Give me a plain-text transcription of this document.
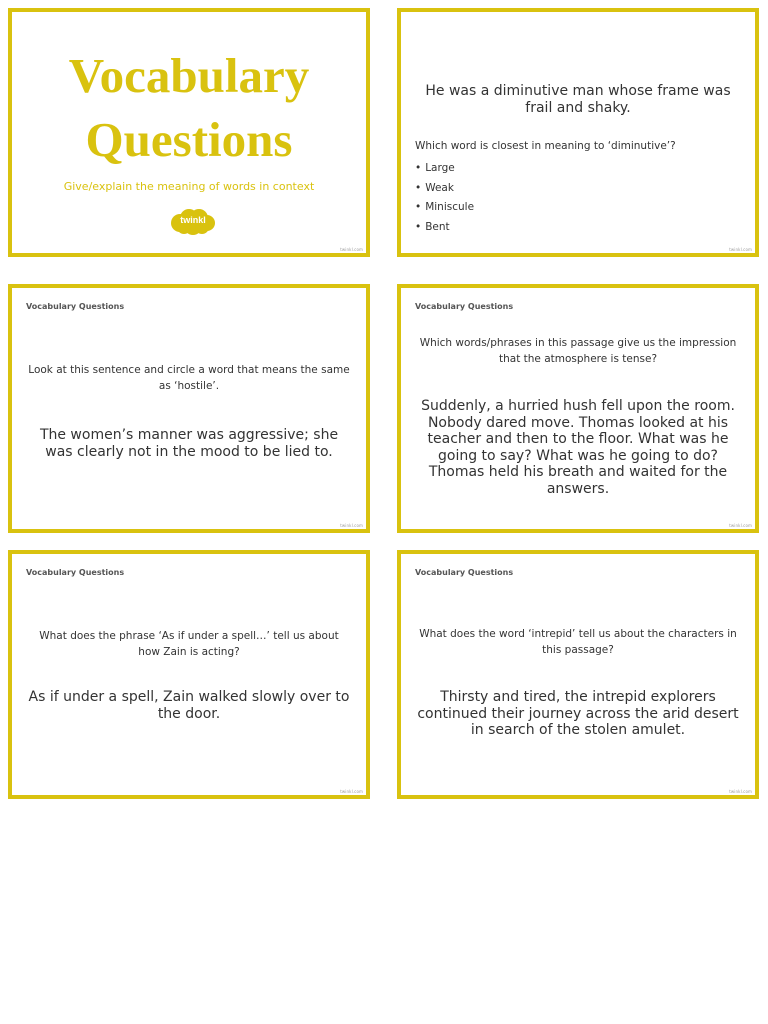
Vocabulary
Questions
Give/explain the meaning of words in context
twinkl
twinkl.com
He was a diminutive man whose frame was frail and shaky.
Which word is closest in meaning to ‘diminutive’?
• Large
• Weak
• Miniscule
• Bent
twinkl.com
Vocabulary Questions
Look at this sentence and circle a word that means the same as ‘hostile’.
The women’s manner was aggressive; she was clearly not in the mood to be lied to.
twinkl.com
Vocabulary Questions
Which words/phrases in this passage give us the impression that the atmosphere is tense?
Suddenly, a hurried hush fell upon the room. Nobody dared move. Thomas looked at his teacher and then to the floor. What was he going to say? What was he going to do? Thomas held his breath and waited for the answers.
twinkl.com
Vocabulary Questions
What does the phrase ‘As if under a spell…’ tell us about how Zain is acting?
As if under a spell, Zain walked slowly over to the door.
twinkl.com
Vocabulary Questions
What does the word ‘intrepid’ tell us about the characters in this passage?
Thirsty and tired, the intrepid explorers continued their journey across the arid desert in search of the stolen amulet.
twinkl.com
